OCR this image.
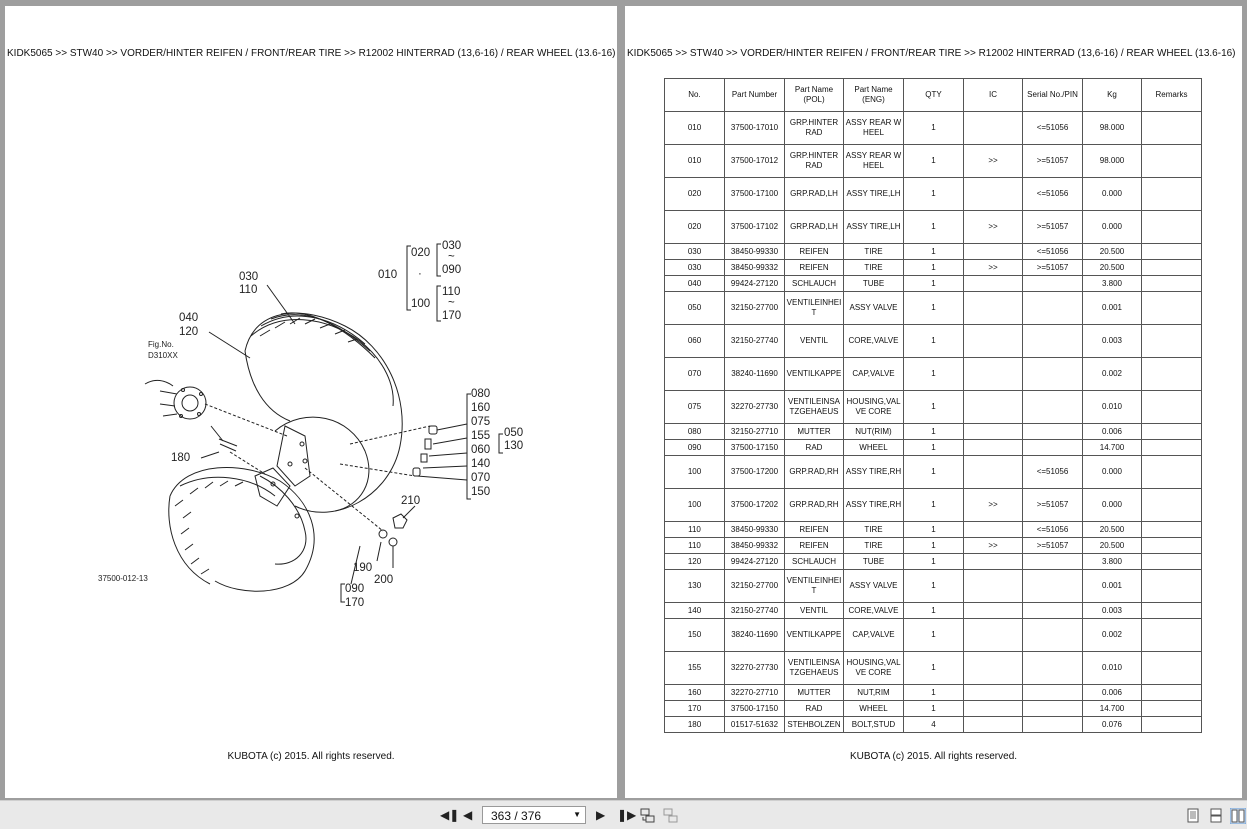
KIDK5065 >> STW40 >> VORDER/HINTER REIFEN / FRONT/REAR TIRE >> R12002 HINTERRAD (13,6-16) / REAR WHEEL (13.6-16)
030
110
040
120
Fig.No.
D310XX
180
190
200
090
170
210
37500-012-13
080
160
075
155
060
140
070
150
050
130
010 ·
020
100
030
~
090
110
~
170
KUBOTA (c) 2015. All rights reserved.
KIDK5065 >> STW40 >> VORDER/HINTER REIFEN / FRONT/REAR TIRE >> R12002 HINTERRAD (13,6-16) / REAR WHEEL (13.6-16)
No.	Part Number	Part Name (POL)	Part Name (ENG)	QTY	IC	Serial No./PIN	Kg	Remarks
010	37500-17010	GRP.HINTER RAD	ASSY REAR WHEEL	1		<=51056	98.000	
010	37500-17012	GRP.HINTER RAD	ASSY REAR WHEEL	1	>>	>=51057	98.000	
020	37500-17100	GRP.RAD,LH	ASSY TIRE,LH	1		<=51056	0.000	
020	37500-17102	GRP.RAD,LH	ASSY TIRE,LH	1	>>	>=51057	0.000	
030	38450-99330	REIFEN	TIRE	1		<=51056	20.500	
030	38450-99332	REIFEN	TIRE	1	>>	>=51057	20.500	
040	99424-27120	SCHLAUCH	TUBE	1			3.800	
050	32150-27700	VENTILEINHEIT	ASSY VALVE	1			0.001	
060	32150-27740	VENTIL	CORE,VALVE	1			0.003	
070	38240-11690	VENTILKAPPE	CAP,VALVE	1			0.002	
075	32270-27730	VENTILEINSATZGEHAEUS	HOUSING,VALVE CORE	1			0.010	
080	32150-27710	MUTTER	NUT(RIM)	1			0.006	
090	37500-17150	RAD	WHEEL	1			14.700	
100	37500-17200	GRP.RAD,RH	ASSY TIRE,RH	1		<=51056	0.000	
100	37500-17202	GRP.RAD,RH	ASSY TIRE,RH	1	>>	>=51057	0.000	
110	38450-99330	REIFEN	TIRE	1		<=51056	20.500	
110	38450-99332	REIFEN	TIRE	1	>>	>=51057	20.500	
120	99424-27120	SCHLAUCH	TUBE	1			3.800	
130	32150-27700	VENTILEINHEIT	ASSY VALVE	1			0.001	
140	32150-27740	VENTIL	CORE,VALVE	1			0.003	
150	38240-11690	VENTILKAPPE	CAP,VALVE	1			0.002	
155	32270-27730	VENTILEINSATZGEHAEUS	HOUSING,VALVE CORE	1			0.010	
160	32270-27710	MUTTER	NUT,RIM	1			0.006	
170	37500-17150	RAD	WHEEL	1			14.700	
180	01517-51632	STEHBOLZEN	BOLT,STUD	4			0.076	
KUBOTA (c) 2015. All rights reserved.
◀❚ ◀ 363 / 376	▼ ▶ ❚▶
